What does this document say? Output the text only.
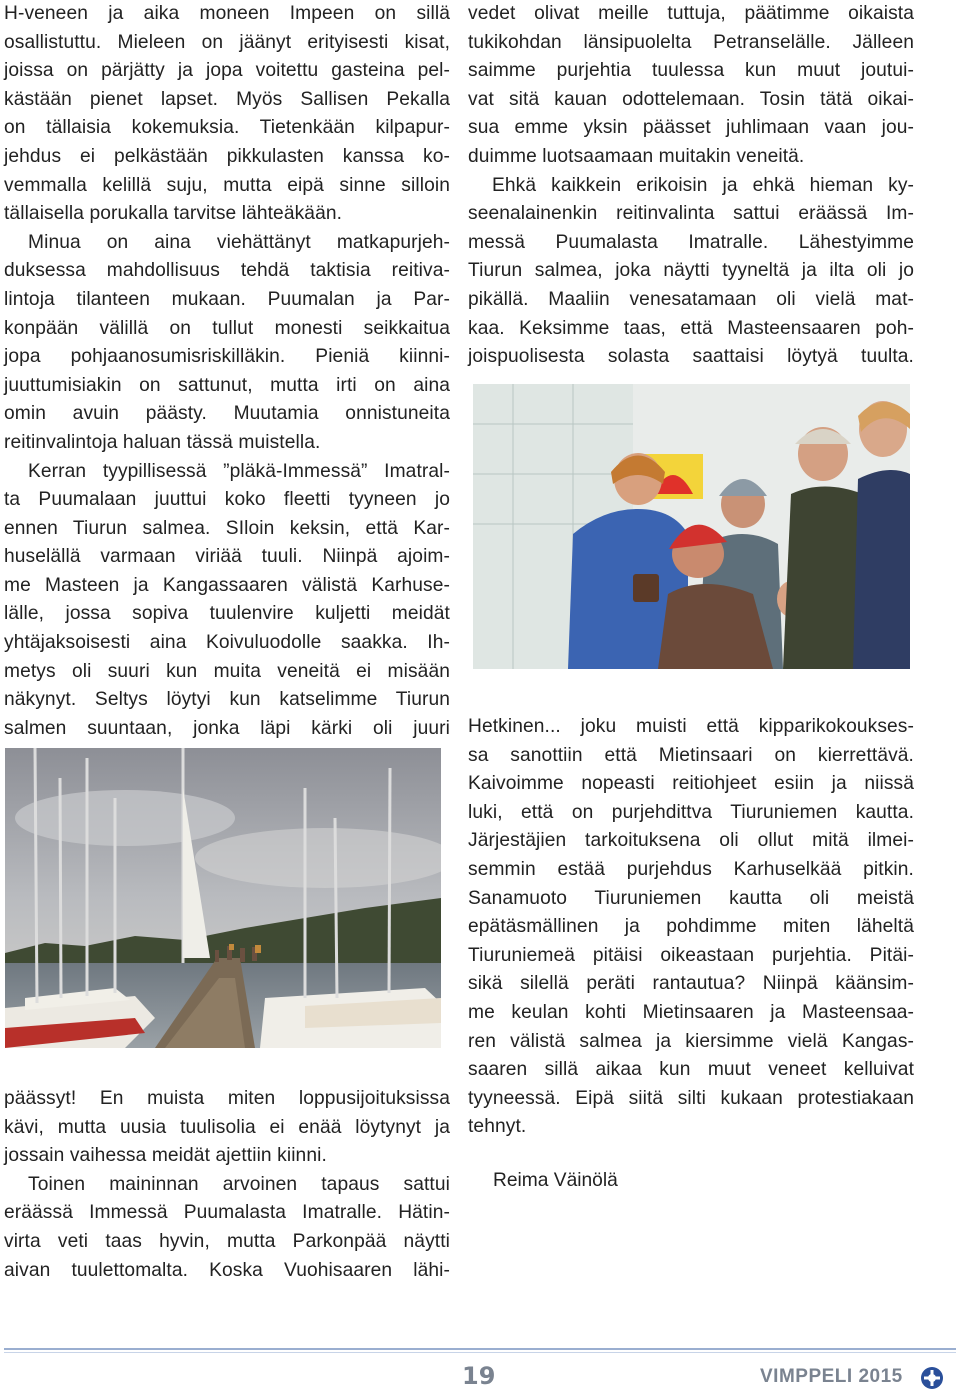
H-veneen ja aika moneen Impeen on sillä
osallistuttu. Mieleen on jäänyt erityisesti kisat,
joissa on pärjätty ja jopa voitettu gasteina pel-
kästään pienet lapset. Myös Sallisen Pekalla
on tällaisia kokemuksia. Tietenkään kilpapur-
jehdus ei pelkästään pikkulasten kanssa ko-
vemmalla kelillä suju, mutta eipä sinne silloin
tällaisella porukalla tarvitse lähteäkään.
Minua on aina viehättänyt matkapurjeh-
duksessa mahdollisuus tehdä taktisia reitiva-
lintoja tilanteen mukaan. Puumalan ja Par-
konpään välillä on tullut monesti seikkaitua
jopa pohjaanosumisriskilläkin. Pieniä kiinni-
juuttumisiakin on sattunut, mutta irti on aina
omin avuin päästy. Muutamia onnistuneita
reitinvalintoja haluan tässä muistella.
Kerran tyypillisessä ”pläkä-Immessä” Imatral-
ta Puumalaan juuttui koko fleetti tyyneen jo
ennen Tiurun salmea. SIloin keksin, että Kar-
huselällä varmaan viriää tuuli. Niinpä ajoim-
me Masteen ja Kangassaaren välistä Karhuse-
lälle, jossa sopiva tuulenvire kuljetti meidät
yhtäjaksoisesti aina Koivuluodolle saakka. Ih-
metys oli suuri kun muita veneitä ei misään
näkynyt. Seltys löytyi kun katselimme Tiurun
salmen suuntaan, jonka läpi kärki oli juuri
päässyt! En muista miten loppusijoituksissa
kävi, mutta uusia tuulisolia ei enää löytynyt ja
jossain vaihessa meidät ajettiin kiinni.
Toinen maininnan arvoinen tapaus sattui
eräässä Immessä Puumalasta Imatralle. Hätin-
virta veti taas hyvin, mutta Parkonpää näytti
aivan tuulettomalta. Koska Vuohisaaren lähi-
vedet olivat meille tuttuja, päätimme oikaista
tukikohdan länsipuolelta Petranselälle. Jälleen
saimme purjehtia tuulessa kun muut joutui-
vat sitä kauan odottelemaan. Tosin tätä oikai-
sua emme yksin päässet juhlimaan vaan jou-
duimme luotsaamaan muitakin veneitä.
Ehkä kaikkein erikoisin ja ehkä hieman ky-
seenalainenkin reitinvalinta sattui eräässä Im-
messä Puumalasta Imatralle. Lähestyimme
Tiurun salmea, joka näytti tyyneltä ja ilta oli jo
pikällä. Maaliin venesatamaan oli vielä mat-
kaa. Keksimme taas, että Masteensaaren poh-
joispuolisesta solasta saattaisi löytyä tuulta.
Hetkinen... joku muisti että kipparikokoukses-
sa sanottiin että Mietinsaari on kierrettävä.
Kaivoimme nopeasti reitiohjeet esiin ja niissä
luki, että on purjehdittva Tiuruniemen kautta.
Järjestäjien tarkoituksena oli ollut mitä ilmei-
semmin estää purjehdus Karhuselkää pitkin.
Sanamuoto Tiuruniemen kautta oli meistä
epätäsmällinen ja pohdimme miten läheltä
Tiuruniemeä pitäisi oikeastaan purjehtia. Pitäi-
sikä silellä peräti rantautua? Niinpä käänsim-
me keulan kohti Mietinsaaren ja Masteensaa-
ren välistä salmea ja kiersimme vielä Kangas-
saaren sillä aikaa kun muut veneet kelluivat
tyyneessä. Eipä siitä silti kukaan protestiakaan
tehnyt.
Reima Väinölä
19	VIMPPELI 2015
